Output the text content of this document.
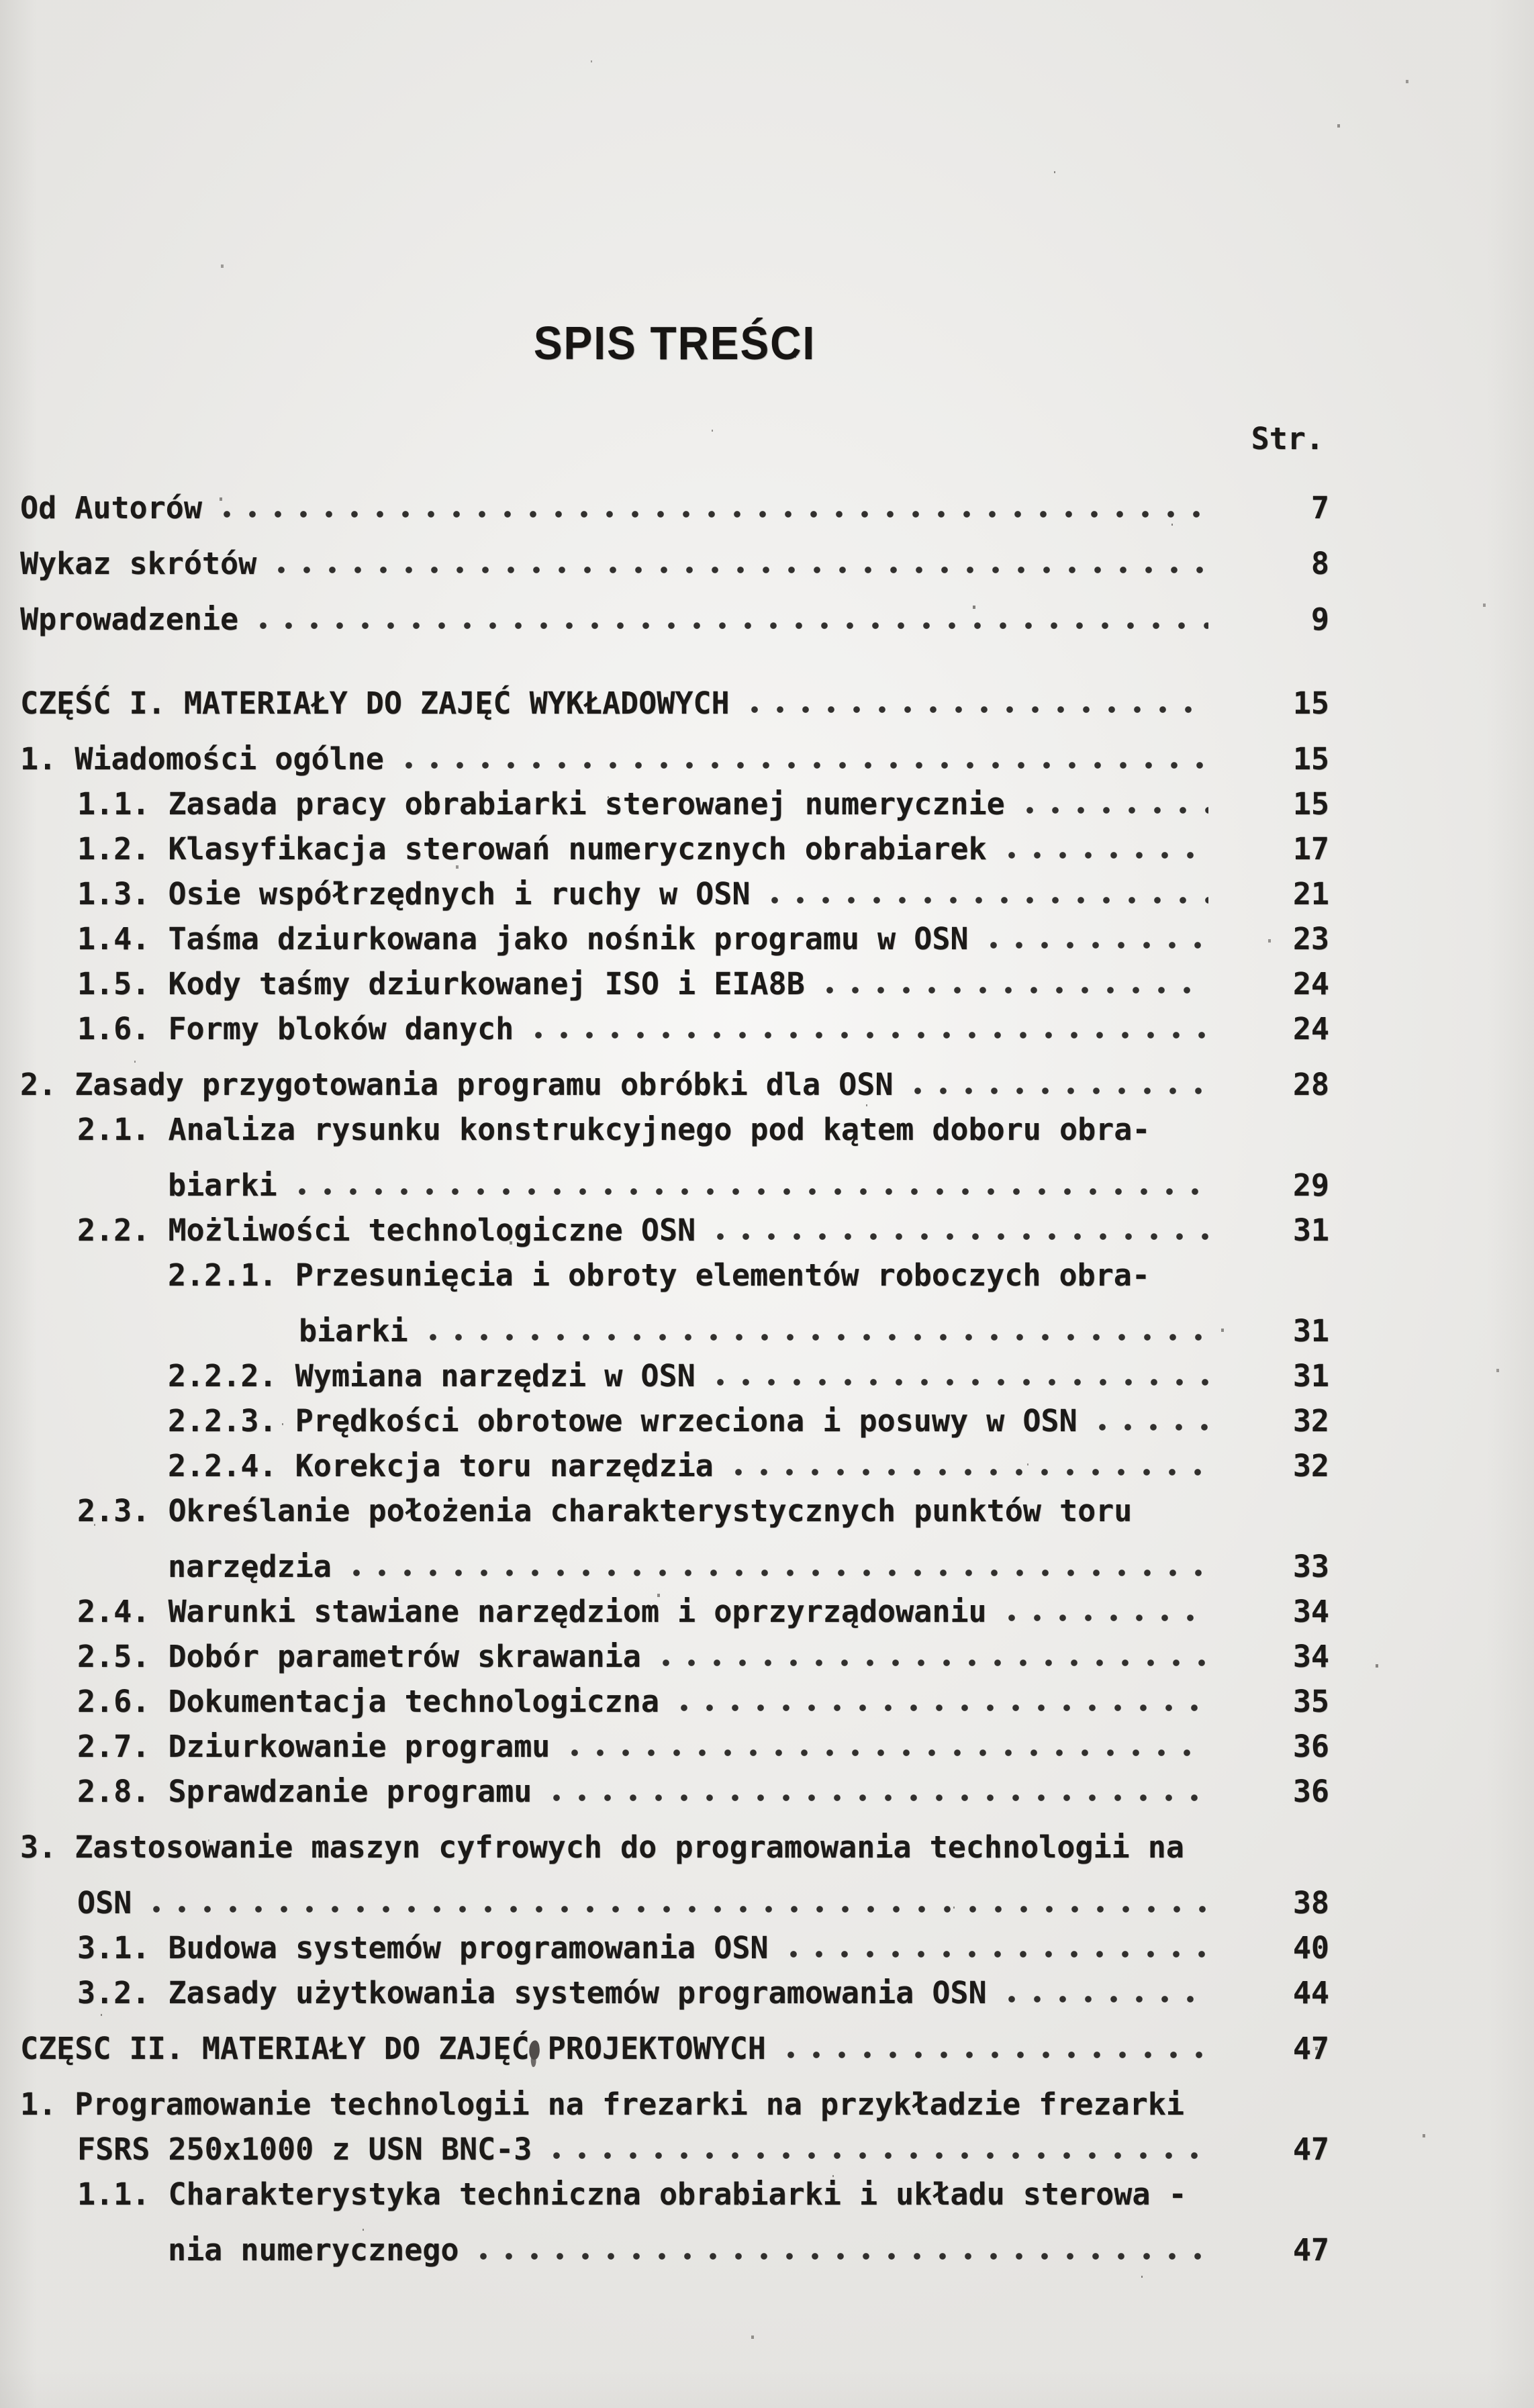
SPIS TREŚCI
Str.
Od Autorów	7
Wykaz skrótów	8
Wprowadzenie	9
CZĘŚĆ I. MATERIAŁY DO ZAJĘĆ WYKŁADOWYCH	15
1. Wiadomości ogólne	15
1.1. Zasada pracy obrabiarki sterowanej numerycznie	15
1.2. Klasyfikacja sterowań numerycznych obrabiarek	17
1.3. Osie współrzędnych i ruchy w OSN	21
1.4. Taśma dziurkowana jako nośnik programu w OSN	23
1.5. Kody taśmy dziurkowanej ISO i EIA8B	24
1.6. Formy bloków danych	24
2. Zasady przygotowania programu obróbki dla OSN	28
2.1. Analiza rysunku konstrukcyjnego pod kątem doboru obra-
biarki	29
2.2. Możliwości technologiczne OSN	31
2.2.1. Przesunięcia i obroty elementów roboczych obra-
biarki	31
2.2.2. Wymiana narzędzi w OSN	31
2.2.3. Prędkości obrotowe wrzeciona i posuwy w OSN	32
2.2.4. Korekcja toru narzędzia	32
2.3. Określanie położenia charakterystycznych punktów toru
narzędzia	33
2.4. Warunki stawiane narzędziom i oprzyrządowaniu	34
2.5. Dobór parametrów skrawania	34
2.6. Dokumentacja technologiczna	35
2.7. Dziurkowanie programu	36
2.8. Sprawdzanie programu	36
3. Zastosowanie maszyn cyfrowych do programowania technologii na
OSN	38
3.1. Budowa systemów programowania OSN	40
3.2. Zasady użytkowania systemów programowania OSN	44
CZĘSC II. MATERIAŁY DO ZAJĘĆ PROJEKTOWYCH	47
1. Programowanie technologii na frezarki na przykładzie frezarki
FSRS 250x1000 z USN BNC-3	47
1.1. Charakterystyka techniczna obrabiarki i układu sterowa -
nia numerycznego	47
